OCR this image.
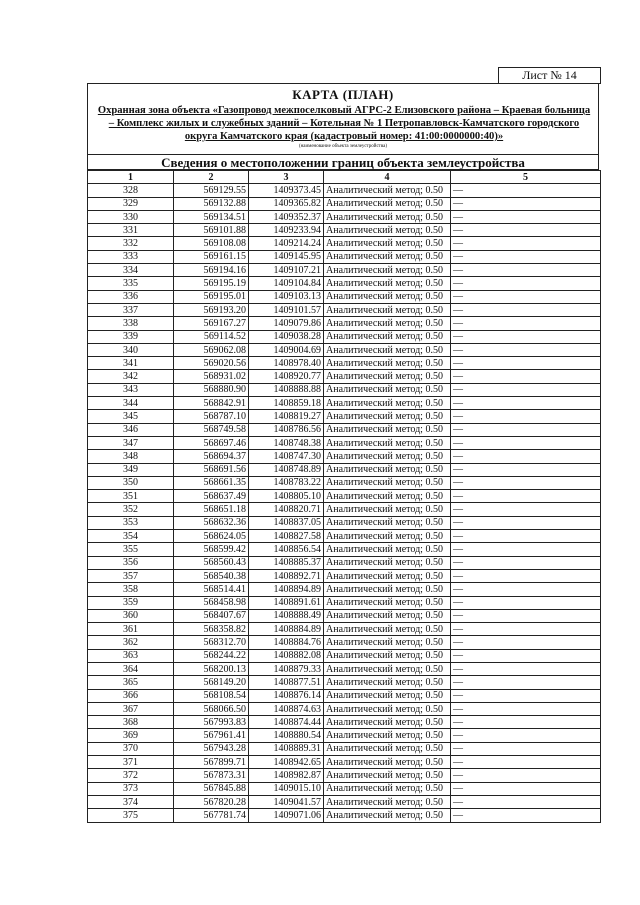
Лист № 14
КАРТА (ПЛАН)
Охранная зона объекта «Газопровод межпоселковый АГРС-2 Елизовского района – Краевая больница – Комплекс жилых и служебных зданий – Котельная № 1 Петропавловск-Камчатского городского округа Камчатского края (кадастровый номер: 41:00:0000000:40)»
(наименование объекта землеустройства)
Сведения о местоположении границ объекта землеустройства
1	2	3	4	5
328	569129.55	1409373.45	Аналитический метод; 0.50	—
329	569132.88	1409365.82	Аналитический метод; 0.50	—
330	569134.51	1409352.37	Аналитический метод; 0.50	—
331	569101.88	1409233.94	Аналитический метод; 0.50	—
332	569108.08	1409214.24	Аналитический метод; 0.50	—
333	569161.15	1409145.95	Аналитический метод; 0.50	—
334	569194.16	1409107.21	Аналитический метод; 0.50	—
335	569195.19	1409104.84	Аналитический метод; 0.50	—
336	569195.01	1409103.13	Аналитический метод; 0.50	—
337	569193.20	1409101.57	Аналитический метод; 0.50	—
338	569167.27	1409079.86	Аналитический метод; 0.50	—
339	569114.52	1409038.28	Аналитический метод; 0.50	—
340	569062.08	1409004.69	Аналитический метод; 0.50	—
341	569020.56	1408978.40	Аналитический метод; 0.50	—
342	568931.02	1408920.77	Аналитический метод; 0.50	—
343	568880.90	1408888.88	Аналитический метод; 0.50	—
344	568842.91	1408859.18	Аналитический метод; 0.50	—
345	568787.10	1408819.27	Аналитический метод; 0.50	—
346	568749.58	1408786.56	Аналитический метод; 0.50	—
347	568697.46	1408748.38	Аналитический метод; 0.50	—
348	568694.37	1408747.30	Аналитический метод; 0.50	—
349	568691.56	1408748.89	Аналитический метод; 0.50	—
350	568661.35	1408783.22	Аналитический метод; 0.50	—
351	568637.49	1408805.10	Аналитический метод; 0.50	—
352	568651.18	1408820.71	Аналитический метод; 0.50	—
353	568632.36	1408837.05	Аналитический метод; 0.50	—
354	568624.05	1408827.58	Аналитический метод; 0.50	—
355	568599.42	1408856.54	Аналитический метод; 0.50	—
356	568560.43	1408885.37	Аналитический метод; 0.50	—
357	568540.38	1408892.71	Аналитический метод; 0.50	—
358	568514.41	1408894.89	Аналитический метод; 0.50	—
359	568458.98	1408891.61	Аналитический метод; 0.50	—
360	568407.67	1408888.49	Аналитический метод; 0.50	—
361	568358.82	1408884.89	Аналитический метод; 0.50	—
362	568312.70	1408884.76	Аналитический метод; 0.50	—
363	568244.22	1408882.08	Аналитический метод; 0.50	—
364	568200.13	1408879.33	Аналитический метод; 0.50	—
365	568149.20	1408877.51	Аналитический метод; 0.50	—
366	568108.54	1408876.14	Аналитический метод; 0.50	—
367	568066.50	1408874.63	Аналитический метод; 0.50	—
368	567993.83	1408874.44	Аналитический метод; 0.50	—
369	567961.41	1408880.54	Аналитический метод; 0.50	—
370	567943.28	1408889.31	Аналитический метод; 0.50	—
371	567899.71	1408942.65	Аналитический метод; 0.50	—
372	567873.31	1408982.87	Аналитический метод; 0.50	—
373	567845.88	1409015.10	Аналитический метод; 0.50	—
374	567820.28	1409041.57	Аналитический метод; 0.50	—
375	567781.74	1409071.06	Аналитический метод; 0.50	—
